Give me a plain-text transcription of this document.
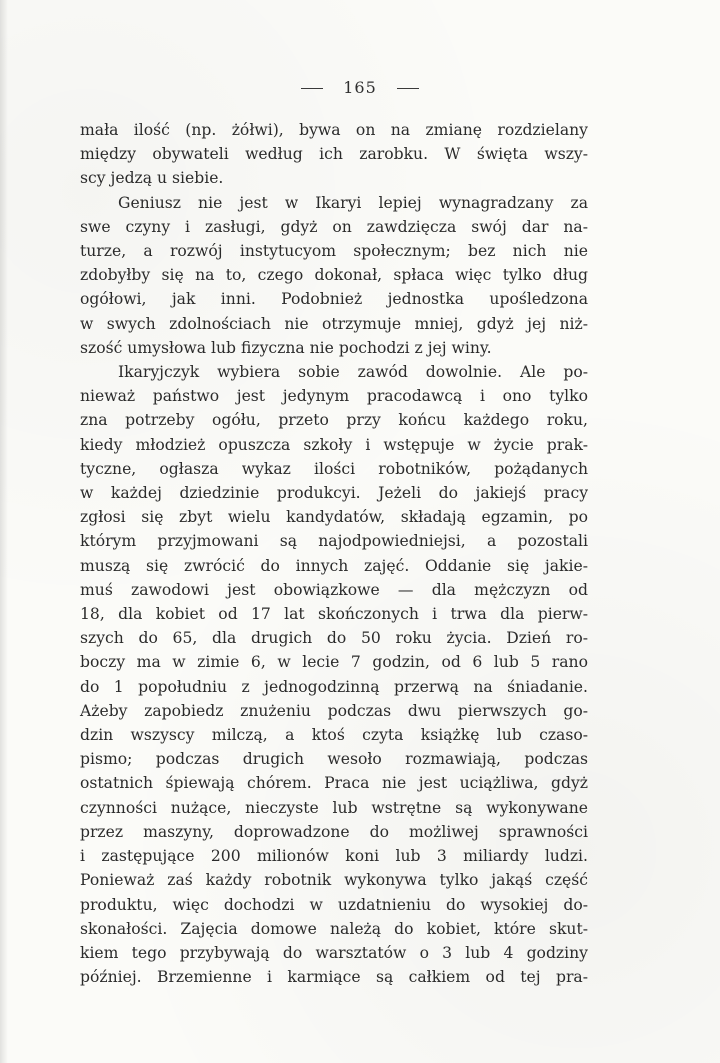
165
mała ilość (np. żółwi), bywa on na zmianę rozdzielany
między obywateli według ich zarobku. W święta wszy-
scy jedzą u siebie.
Geniusz nie jest w Ikaryi lepiej wynagradzany za
swe czyny i zasługi, gdyż on zawdzięcza swój dar na-
turze, a rozwój instytucyom społecznym; bez nich nie
zdobyłby się na to, czego dokonał, spłaca więc tylko dług
ogółowi, jak inni. Podobnież jednostka upośledzona
w swych zdolnościach nie otrzymuje mniej, gdyż jej niż-
szość umysłowa lub fizyczna nie pochodzi z jej winy.
Ikaryjczyk wybiera sobie zawód dowolnie. Ale po-
nieważ państwo jest jedynym pracodawcą i ono tylko
zna potrzeby ogółu, przeto przy końcu każdego roku,
kiedy młodzież opuszcza szkoły i wstępuje w życie prak-
tyczne, ogłasza wykaz ilości robotników, pożądanych
w każdej dziedzinie produkcyi. Jeżeli do jakiejś pracy
zgłosi się zbyt wielu kandydatów, składają egzamin, po
którym przyjmowani są najodpowiedniejsi, a pozostali
muszą się zwrócić do innych zajęć. Oddanie się jakie-
muś zawodowi jest obowiązkowe — dla mężczyzn od
18, dla kobiet od 17 lat skończonych i trwa dla pierw-
szych do 65, dla drugich do 50 roku życia. Dzień ro-
boczy ma w zimie 6, w lecie 7 godzin, od 6 lub 5 rano
do 1 popołudniu z jednogodzinną przerwą na śniadanie.
Ażeby zapobiedz znużeniu podczas dwu pierwszych go-
dzin wszyscy milczą, a ktoś czyta książkę lub czaso-
pismo; podczas drugich wesoło rozmawiają, podczas
ostatnich śpiewają chórem. Praca nie jest uciążliwa, gdyż
czynności nużące, nieczyste lub wstrętne są wykonywane
przez maszyny, doprowadzone do możliwej sprawności
i zastępujące 200 milionów koni lub 3 miliardy ludzi.
Ponieważ zaś każdy robotnik wykonywa tylko jakąś część
produktu, więc dochodzi w uzdatnieniu do wysokiej do-
skonałości. Zajęcia domowe należą do kobiet, które skut-
kiem tego przybywają do warsztatów o 3 lub 4 godziny
później. Brzemienne i karmiące są całkiem od tej pra-
